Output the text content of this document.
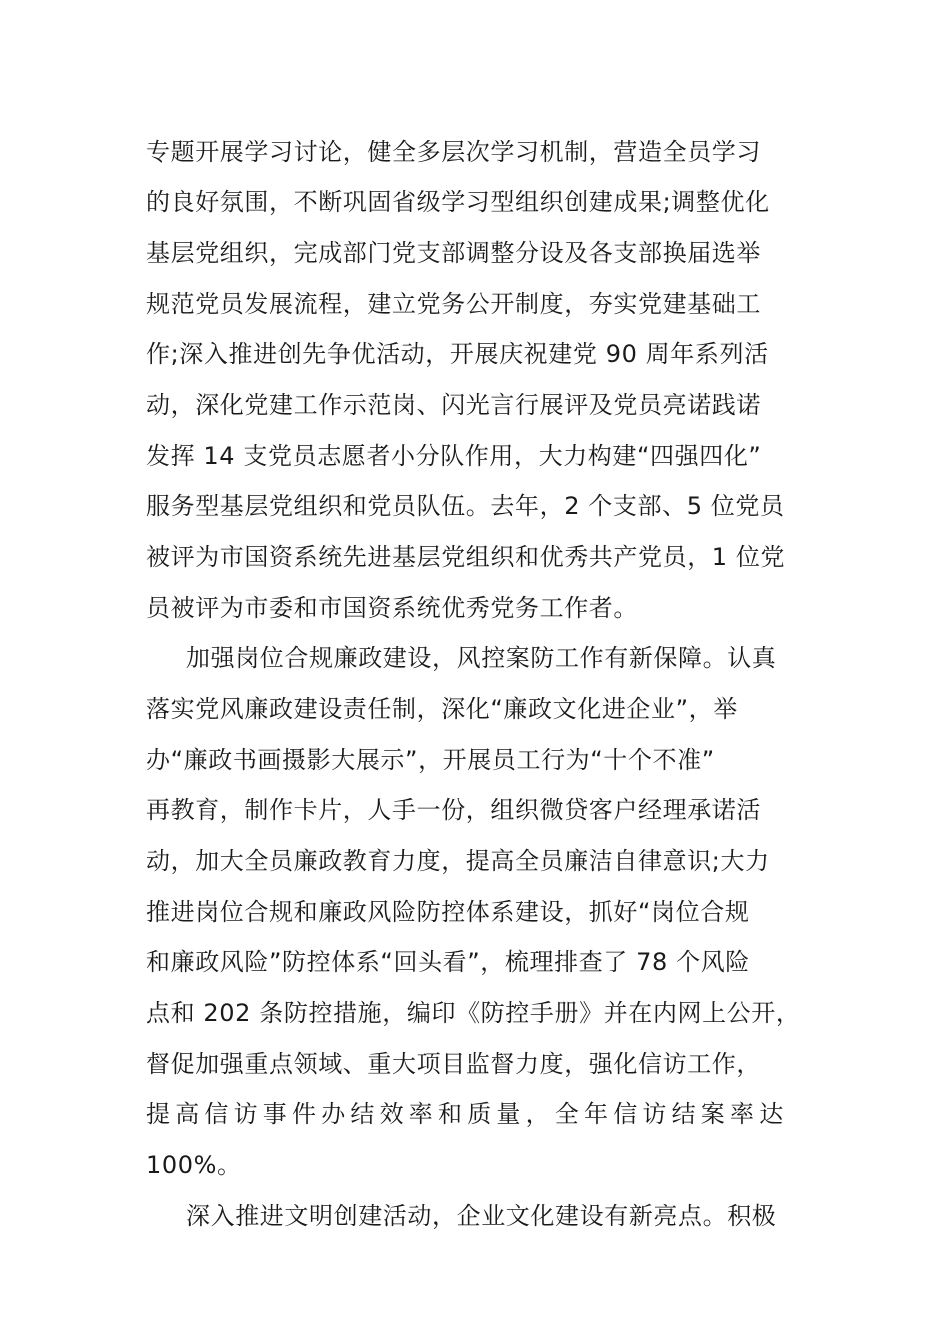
专题开展学习讨论，健全多层次学习机制，营造全员学习
的良好氛围，不断巩固省级学习型组织创建成果;调整优化
基层党组织，完成部门党支部调整分设及各支部换届选举
规范党员发展流程，建立党务公开制度，夯实党建基础工
作;深入推进创先争优活动，开展庆祝建党 90 周年系列活
动，深化党建工作示范岗、闪光言行展评及党员亮诺践诺
发挥 14 支党员志愿者小分队作用，大力构建“四强四化”
服务型基层党组织和党员队伍。去年，2 个支部、5 位党员
被评为市国资系统先进基层党组织和优秀共产党员，1 位党
员被评为市委和市国资系统优秀党务工作者。
加强岗位合规廉政建设，风控案防工作有新保障。认真
落实党风廉政建设责任制，深化“廉政文化进企业”，举
办“廉政书画摄影大展示”，开展员工行为“十个不准”
再教育，制作卡片，人手一份，组织微贷客户经理承诺活
动，加大全员廉政教育力度，提高全员廉洁自律意识;大力
推进岗位合规和廉政风险防控体系建设，抓好“岗位合规
和廉政风险”防控体系“回头看”，梳理排查了 78 个风险
点和 202 条防控措施，编印《防控手册》并在内网上公开，
督促加强重点领域、重大项目监督力度，强化信访工作，
提高信访事件办结效率和质量，全年信访结案率达
100%。
深入推进文明创建活动，企业文化建设有新亮点。积极
